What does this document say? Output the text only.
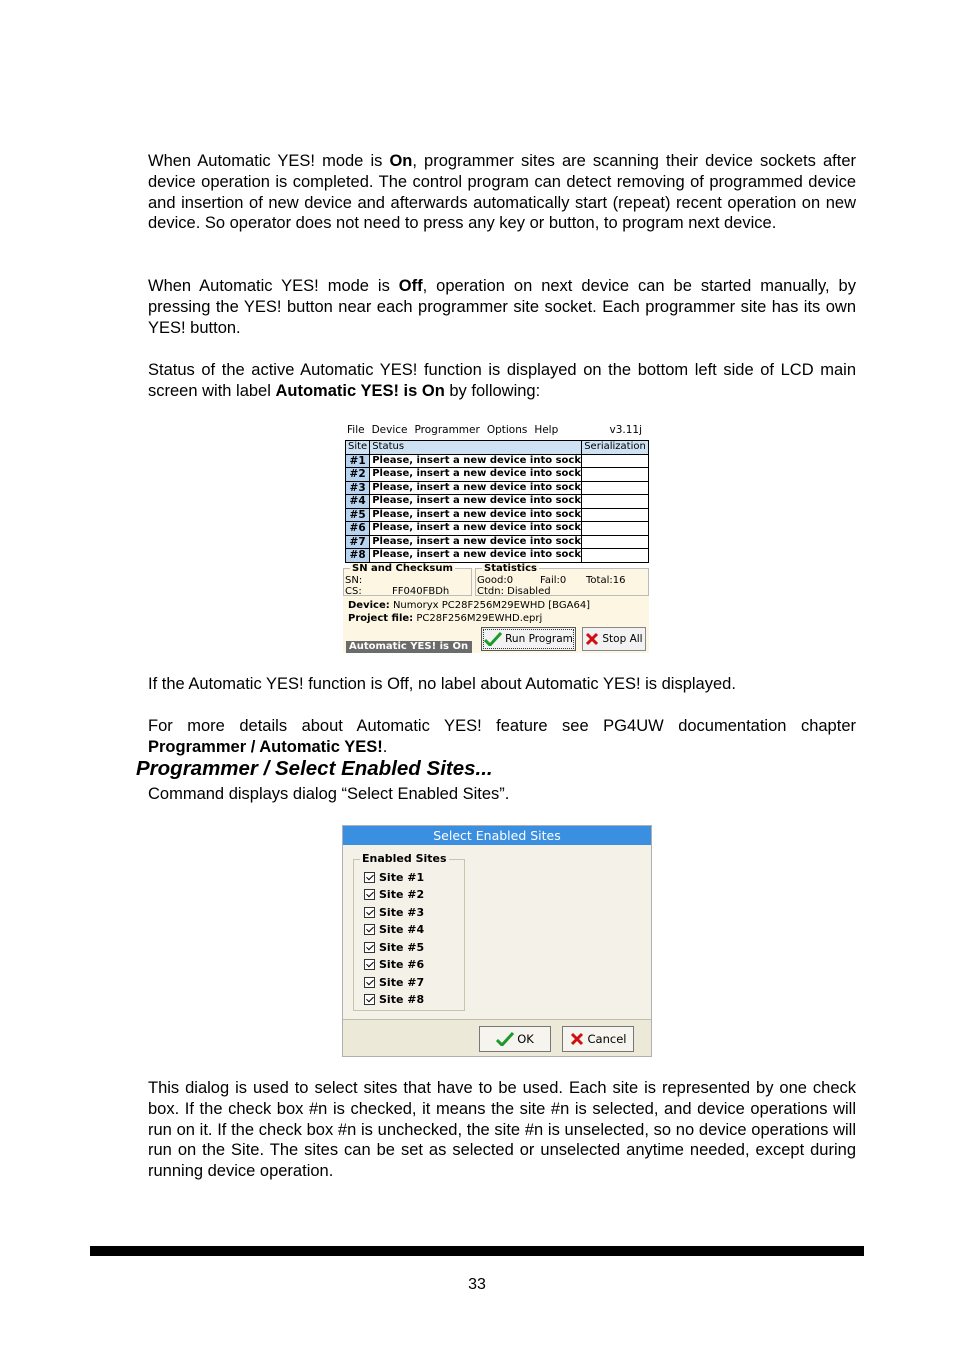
When Automatic YES! mode is On, programmer sites are scanning their device sockets after device operation is completed. The control program can detect removing of programmed device and insertion of new device and afterwards automatically start (repeat) recent operation on new device. So operator does not need to press any key or button, to program next device.

When Automatic YES! mode is Off, operation on next device can be started manually, by pressing the YES! button near each programmer site socket. Each programmer site has its own YES! button.

Status of the active Automatic YES! function is displayed on the bottom left side of LCD main screen with label Automatic YES! is On by following:

File Device Programmer Options Help	v3.11j
Site	Status	Serialization
#1	Please, insert a new device into sock	
#2	Please, insert a new device into sock	
#3	Please, insert a new device into sock	
#4	Please, insert a new device into sock	
#5	Please, insert a new device into sock	
#6	Please, insert a new device into sock	
#7	Please, insert a new device into sock	
#8	Please, insert a new device into sock	
SN and Checksum
SN:
CS:	FF040FBDh
Statistics
Good:0	Fail:0 Total:16
Ctdn: Disabled
Device: Numoryx PC28F256M29EWHD [BGA64]
Project file: PC28F256M29EWHD.eprj
Run Program	Stop All
Automatic YES! is On

If the Automatic YES! function is Off, no label about Automatic YES! is displayed.

For more details about Automatic YES! feature see PG4UW documentation chapter Programmer / Automatic YES!.

Programmer / Select Enabled Sites...

Command displays dialog “Select Enabled Sites”.

Select Enabled Sites
Enabled Sites
Site #1
Site #2
Site #3
Site #4
Site #5
Site #6
Site #7
Site #8
OK	Cancel

This dialog is used to select sites that have to be used. Each site is represented by one check box. If the check box #n is checked, it means the site #n is selected, and device operations will run on it. If the check box #n is unchecked, the site #n is unselected, so no device operations will run on the Site. The sites can be set as selected or unselected anytime needed, except during running device operation.

33
